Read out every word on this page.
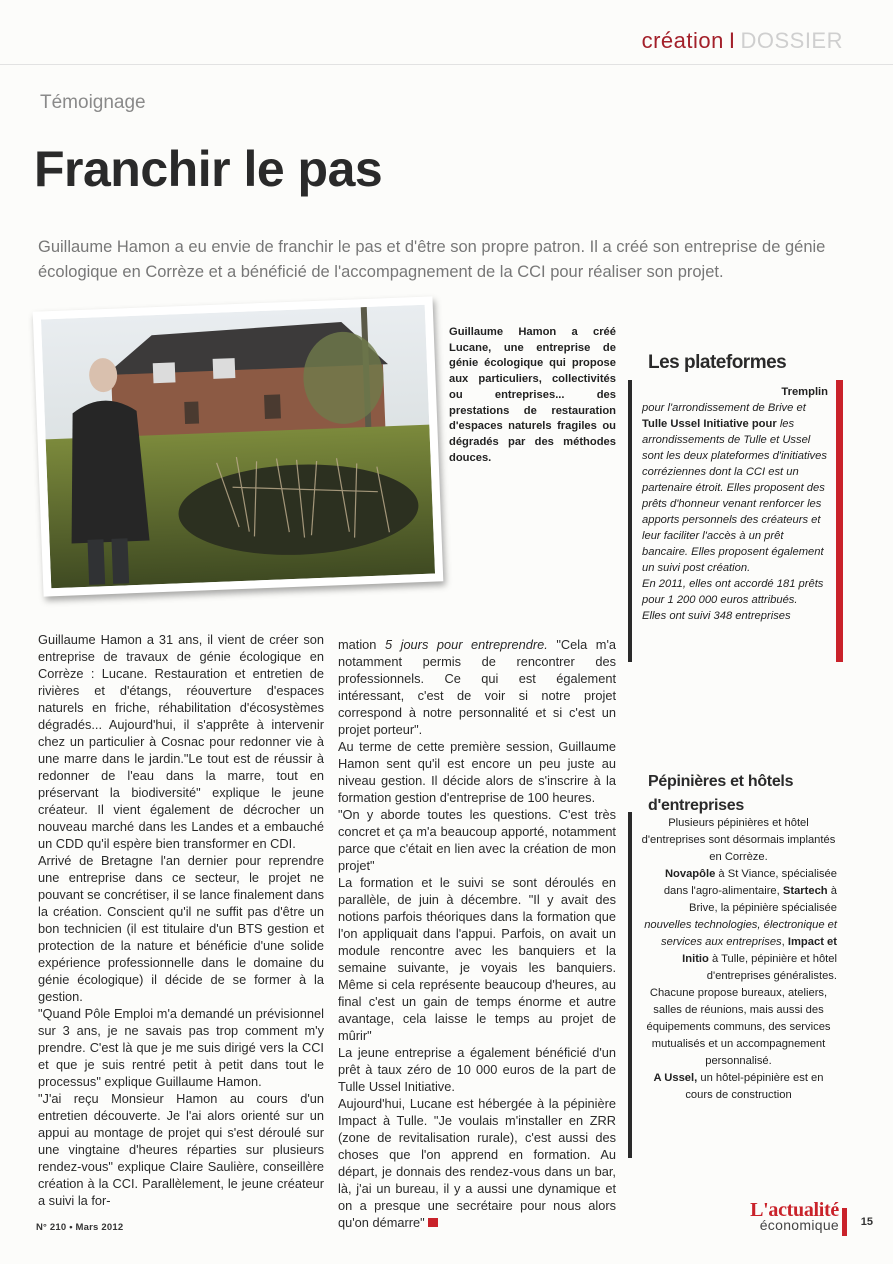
création I DOSSIER
Témoignage
Franchir le pas

Guillaume Hamon a eu envie de franchir le pas et d'être son propre patron. Il a créé son entreprise de génie écologique en Corrèze et a bénéficié de l'accompagnement de la CCI pour réaliser son projet.

Guillaume Hamon a créé Lucane, une entreprise de génie écologique qui propose aux particuliers, collectivités ou entreprises... des prestations de restauration d'espaces naturels fragiles ou dégradés par des méthodes douces.

Les plateformes
Tremplin
pour l'arrondissement de Brive et
Tulle Ussel Initiative pour les arrondissements de Tulle et Ussel sont les deux plateformes d'initiatives corréziennes dont la CCI est un partenaire étroit. Elles proposent des prêts d'honneur venant renforcer les apports personnels des créateurs et leur faciliter l'accès à un prêt bancaire. Elles proposent également un suivi post création.
En 2011, elles ont accordé 181 prêts pour 1 200 000 euros attribués.
Elles ont suivi 348 entreprises
Pépinières et hôtels d'entreprises

Plusieurs pépinières et hôtel d'entreprises sont désormais implantés en Corrèze.

Novapôle à St Viance, spécialisée dans l'agro-alimentaire, Startech à Brive, la pépinière spécialisée nouvelles technologies, électronique et services aux entreprises, Impact et Initio à Tulle, pépinière et hôtel d'entreprises généralistes.

Chacune propose bureaux, ateliers, salles de réunions, mais aussi des équipements communs, des services mutualisés et un accompagnement personnalisé.

A Ussel, un hôtel-pépinière est en cours de construction

Guillaume Hamon a 31 ans, il vient de créer son entreprise de travaux de génie écologique en Corrèze : Lucane. Restauration et entretien de rivières et d'étangs, réouverture d'espaces naturels en friche, réhabilitation d'écosystèmes dégradés... Aujourd'hui, il s'apprête à intervenir chez un particulier à Cosnac pour redonner vie à une marre dans le jardin."Le tout est de réussir à redonner de l'eau dans la marre, tout en préservant la biodiversité" explique le jeune créateur. Il vient également de décrocher un nouveau marché dans les Landes et a embauché un CDD qu'il espère bien transformer en CDI.

Arrivé de Bretagne l'an dernier pour reprendre une entreprise dans ce secteur, le projet ne pouvant se concrétiser, il se lance finalement dans la création. Conscient qu'il ne suffit pas d'être un bon technicien (il est titulaire d'un BTS gestion et protection de la nature et bénéficie d'une solide expérience professionnelle dans le domaine du génie écologique) il décide de se former à la gestion.

"Quand Pôle Emploi m'a demandé un prévisionnel sur 3 ans, je ne savais pas trop comment m'y prendre. C'est là que je me suis dirigé vers la CCI et que je suis rentré petit à petit dans tout le processus" explique Guillaume Hamon.

"J'ai reçu Monsieur Hamon au cours d'un entretien découverte. Je l'ai alors orienté sur un appui au montage de projet qui s'est déroulé sur une vingtaine d'heures réparties sur plusieurs rendez-vous" explique Claire Saulière, conseillère création à la CCI. Parallèlement, le jeune créateur a suivi la for-

mation 5 jours pour entreprendre. "Cela m'a notamment permis de rencontrer des professionnels. Ce qui est également intéressant, c'est de voir si notre projet correspond à notre personnalité et si c'est un projet porteur".

Au terme de cette première session, Guillaume Hamon sent qu'il est encore un peu juste au niveau gestion. Il décide alors de s'inscrire à la formation gestion d'entreprise de 100 heures.

"On y aborde toutes les questions. C'est très concret et ça m'a beaucoup apporté, notamment parce que c'était en lien avec la création de mon projet"

La formation et le suivi se sont déroulés en parallèle, de juin à décembre. "Il y avait des notions parfois théoriques dans la formation que l'on appliquait dans l'appui. Parfois, on avait un module rencontre avec les banquiers et la semaine suivante, je voyais les banquiers. Même si cela représente beaucoup d'heures, au final c'est un gain de temps énorme et autre avantage, cela laisse le temps au projet de mûrir"

La jeune entreprise a également bénéficié d'un prêt à taux zéro de 10 000 euros de la part de Tulle Ussel Initiative.

Aujourd'hui, Lucane est hébergée à la pépinière Impact à Tulle. "Je voulais m'installer en ZRR (zone de revitalisation rurale), c'est aussi des choses que l'on apprend en formation. Au départ, je donnais des rendez-vous dans un bar, là, j'ai un bureau, il y a aussi une dynamique et on a presque une secrétaire pour nous alors qu'on démarre"

N° 210 • Mars 2012
L'actualité
économique 15
